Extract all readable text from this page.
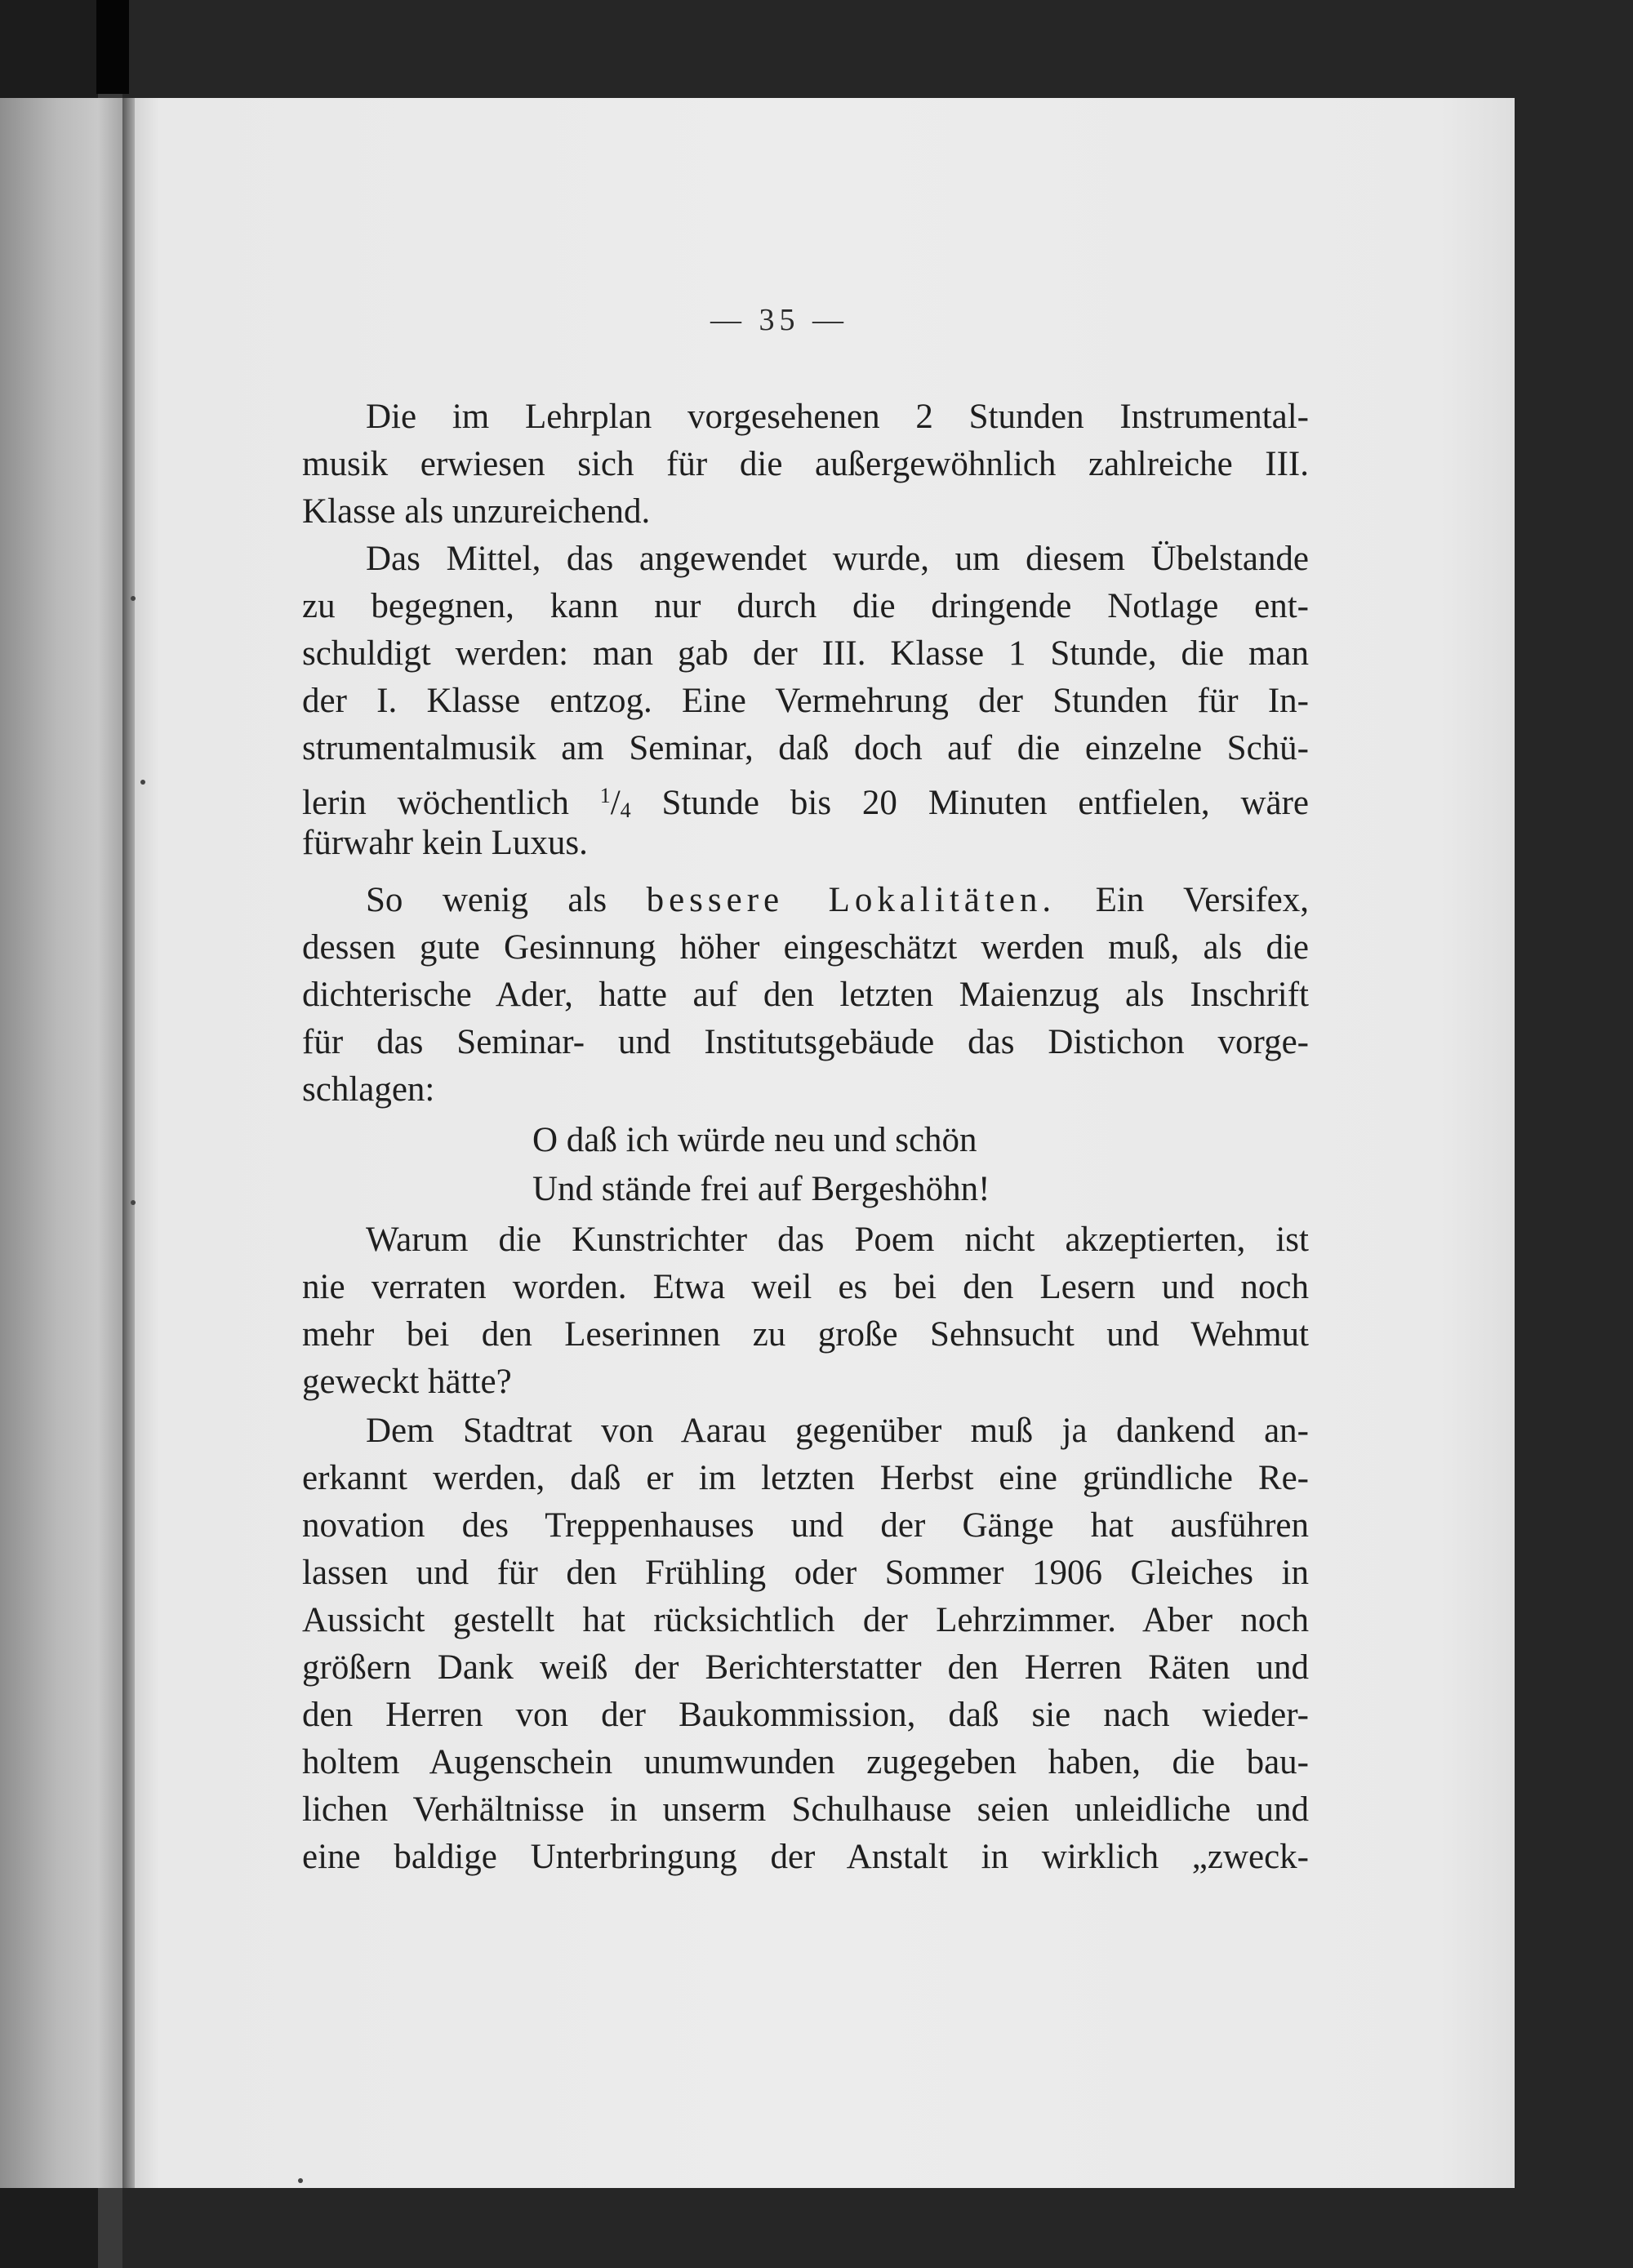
— 35 —
Die im Lehrplan vorgesehenen 2 Stunden Instrumental-
musik erwiesen sich für die außergewöhnlich zahlreiche III.
Klasse als unzureichend.
Das Mittel, das angewendet wurde, um diesem Übelstande
zu begegnen, kann nur durch die dringende Notlage ent-
schuldigt werden: man gab der III. Klasse 1 Stunde, die man
der I. Klasse entzog. Eine Vermehrung der Stunden für In-
strumentalmusik am Seminar, daß doch auf die einzelne Schü-
lerin wöchentlich $^1$/4 Stunde bis 20 Minuten entfielen, wäre
fürwahr kein Luxus.
So wenig als bessere Lokalitäten. Ein Versifex,
dessen gute Gesinnung höher eingeschätzt werden muß, als die
dichterische Ader, hatte auf den letzten Maienzug als Inschrift
für das Seminar- und Institutsgebäude das Distichon vorge-
schlagen:
O daß ich würde neu und schön
Und stände frei auf Bergeshöhn!
Warum die Kunstrichter das Poem nicht akzeptierten, ist
nie verraten worden. Etwa weil es bei den Lesern und noch
mehr bei den Leserinnen zu große Sehnsucht und Wehmut
geweckt hätte?
Dem Stadtrat von Aarau gegenüber muß ja dankend an-
erkannt werden, daß er im letzten Herbst eine gründliche Re-
novation des Treppenhauses und der Gänge hat ausführen
lassen und für den Frühling oder Sommer 1906 Gleiches in
Aussicht gestellt hat rücksichtlich der Lehrzimmer. Aber noch
größern Dank weiß der Berichterstatter den Herren Räten und
den Herren von der Baukommission, daß sie nach wieder-
holtem Augenschein unumwunden zugegeben haben, die bau-
lichen Verhältnisse in unserm Schulhause seien unleidliche und
eine baldige Unterbringung der Anstalt in wirklich „zweck-
